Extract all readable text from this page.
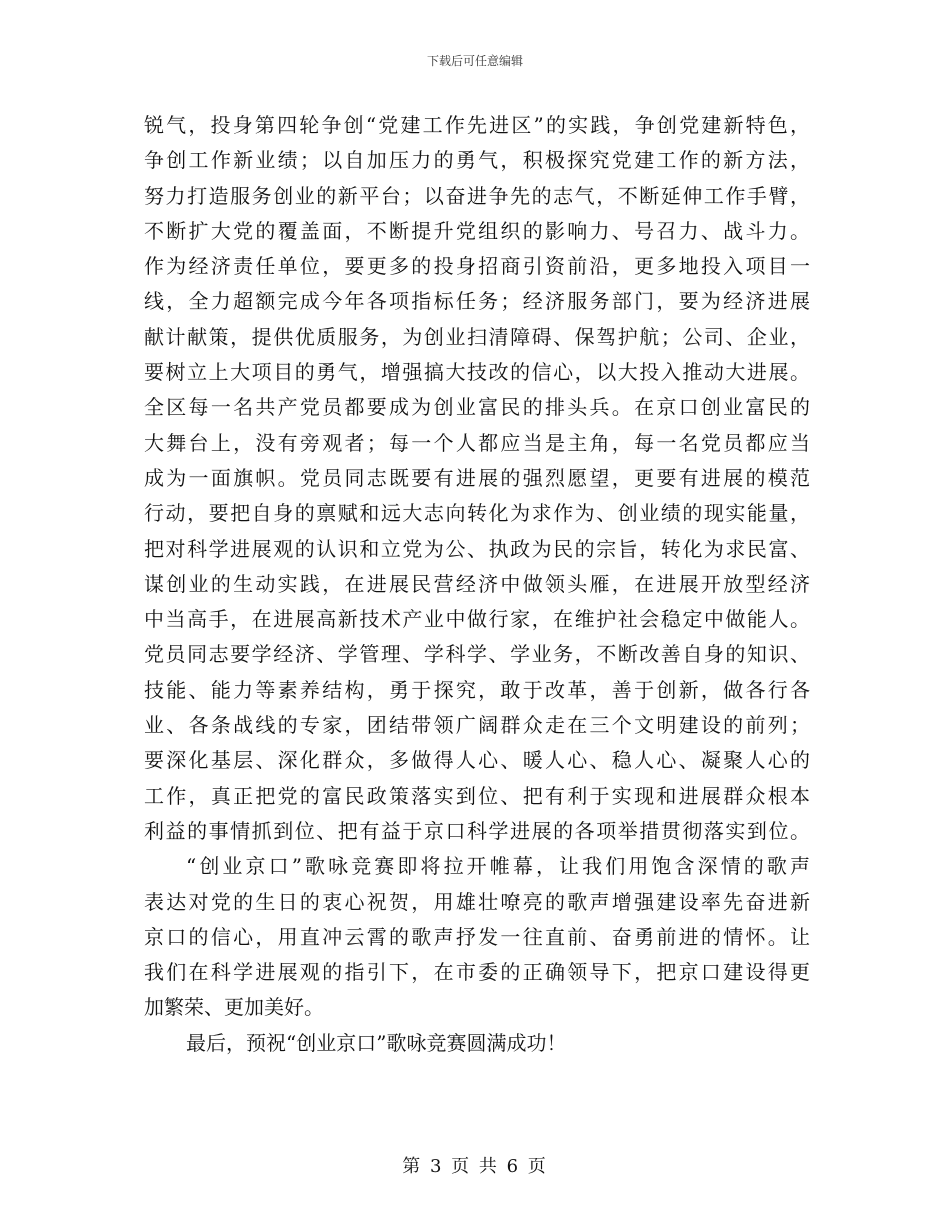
下载后可任意编辑
锐气，投身第四轮争创“党建工作先进区”的实践，争创党建新特色，
争创工作新业绩；以自加压力的勇气，积极探究党建工作的新方法，
努力打造服务创业的新平台；以奋进争先的志气，不断延伸工作手臂，
不断扩大党的覆盖面，不断提升党组织的影响力、号召力、战斗力。
作为经济责任单位，要更多的投身招商引资前沿，更多地投入项目一
线，全力超额完成今年各项指标任务；经济服务部门，要为经济进展
献计献策，提供优质服务，为创业扫清障碍、保驾护航；公司、企业，
要树立上大项目的勇气，增强搞大技改的信心，以大投入推动大进展。
全区每一名共产党员都要成为创业富民的排头兵。在京口创业富民的
大舞台上，没有旁观者；每一个人都应当是主角，每一名党员都应当
成为一面旗帜。党员同志既要有进展的强烈愿望，更要有进展的模范
行动，要把自身的禀赋和远大志向转化为求作为、创业绩的现实能量，
把对科学进展观的认识和立党为公、执政为民的宗旨，转化为求民富、
谋创业的生动实践，在进展民营经济中做领头雁，在进展开放型经济
中当高手，在进展高新技术产业中做行家，在维护社会稳定中做能人。
党员同志要学经济、学管理、学科学、学业务，不断改善自身的知识、
技能、能力等素养结构，勇于探究，敢于改革，善于创新，做各行各
业、各条战线的专家，团结带领广阔群众走在三个文明建设的前列；
要深化基层、深化群众，多做得人心、暖人心、稳人心、凝聚人心的
工作，真正把党的富民政策落实到位、把有利于实现和进展群众根本
利益的事情抓到位、把有益于京口科学进展的各项举措贯彻落实到位。
“创业京口”歌咏竞赛即将拉开帷幕，让我们用饱含深情的歌声
表达对党的生日的衷心祝贺，用雄壮嘹亮的歌声增强建设率先奋进新
京口的信心，用直冲云霄的歌声抒发一往直前、奋勇前进的情怀。让
我们在科学进展观的指引下，在市委的正确领导下，把京口建设得更
加繁荣、更加美好。
最后，预祝“创业京口”歌咏竞赛圆满成功！
第 3 页 共 6 页
